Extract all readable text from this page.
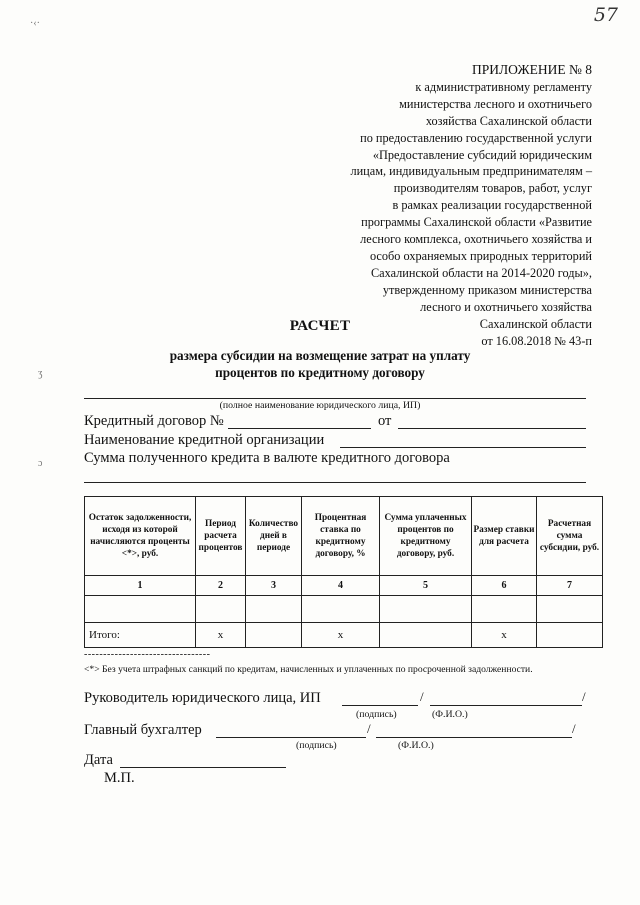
57
·‹·
ʒ
ɔ
ПРИЛОЖЕНИЕ № 8
к административному регламенту
министерства лесного и охотничьего
хозяйства Сахалинской области
по предоставлению государственной услуги
«Предоставление субсидий юридическим
лицам, индивидуальным предпринимателям –
производителям товаров, работ, услуг
в рамках реализации государственной
программы Сахалинской области «Развитие
лесного комплекса, охотничьего хозяйства и
особо охраняемых природных территорий
Сахалинской области на 2014-2020 годы»,
утвержденному приказом министерства
лесного и охотничьего хозяйства
Сахалинской области
от 16.08.2018 № 43-п
РАСЧЕТ
размера субсидии на возмещение затрат на уплату
процентов по кредитному договору
(полное наименование юридического лица, ИП)
Кредитный договор №	от
Наименование кредитной организации
Сумма полученного кредита в валюте кредитного договора
Остаток задолженности, исходя из которой начисляются проценты <*>, руб.	Период расчета процентов	Количество дней в периоде	Процентная ставка по кредитному договору, %	Сумма уплаченных процентов по кредитному договору, руб.	Размер ставки для расчета	Расчетная сумма субсидии, руб.
1	2	3	4	5	6	7

Итого:	x		x		x	
---------------------------------
<*> Без учета штрафных санкций по кредитам, начисленных и уплаченных по просроченной задолженности.
Руководитель юридического лица, ИП	/	/
(подпись)	(Ф.И.О.)
Главный бухгалтер	/	/
(подпись)	(Ф.И.О.)
Дата
М.П.
